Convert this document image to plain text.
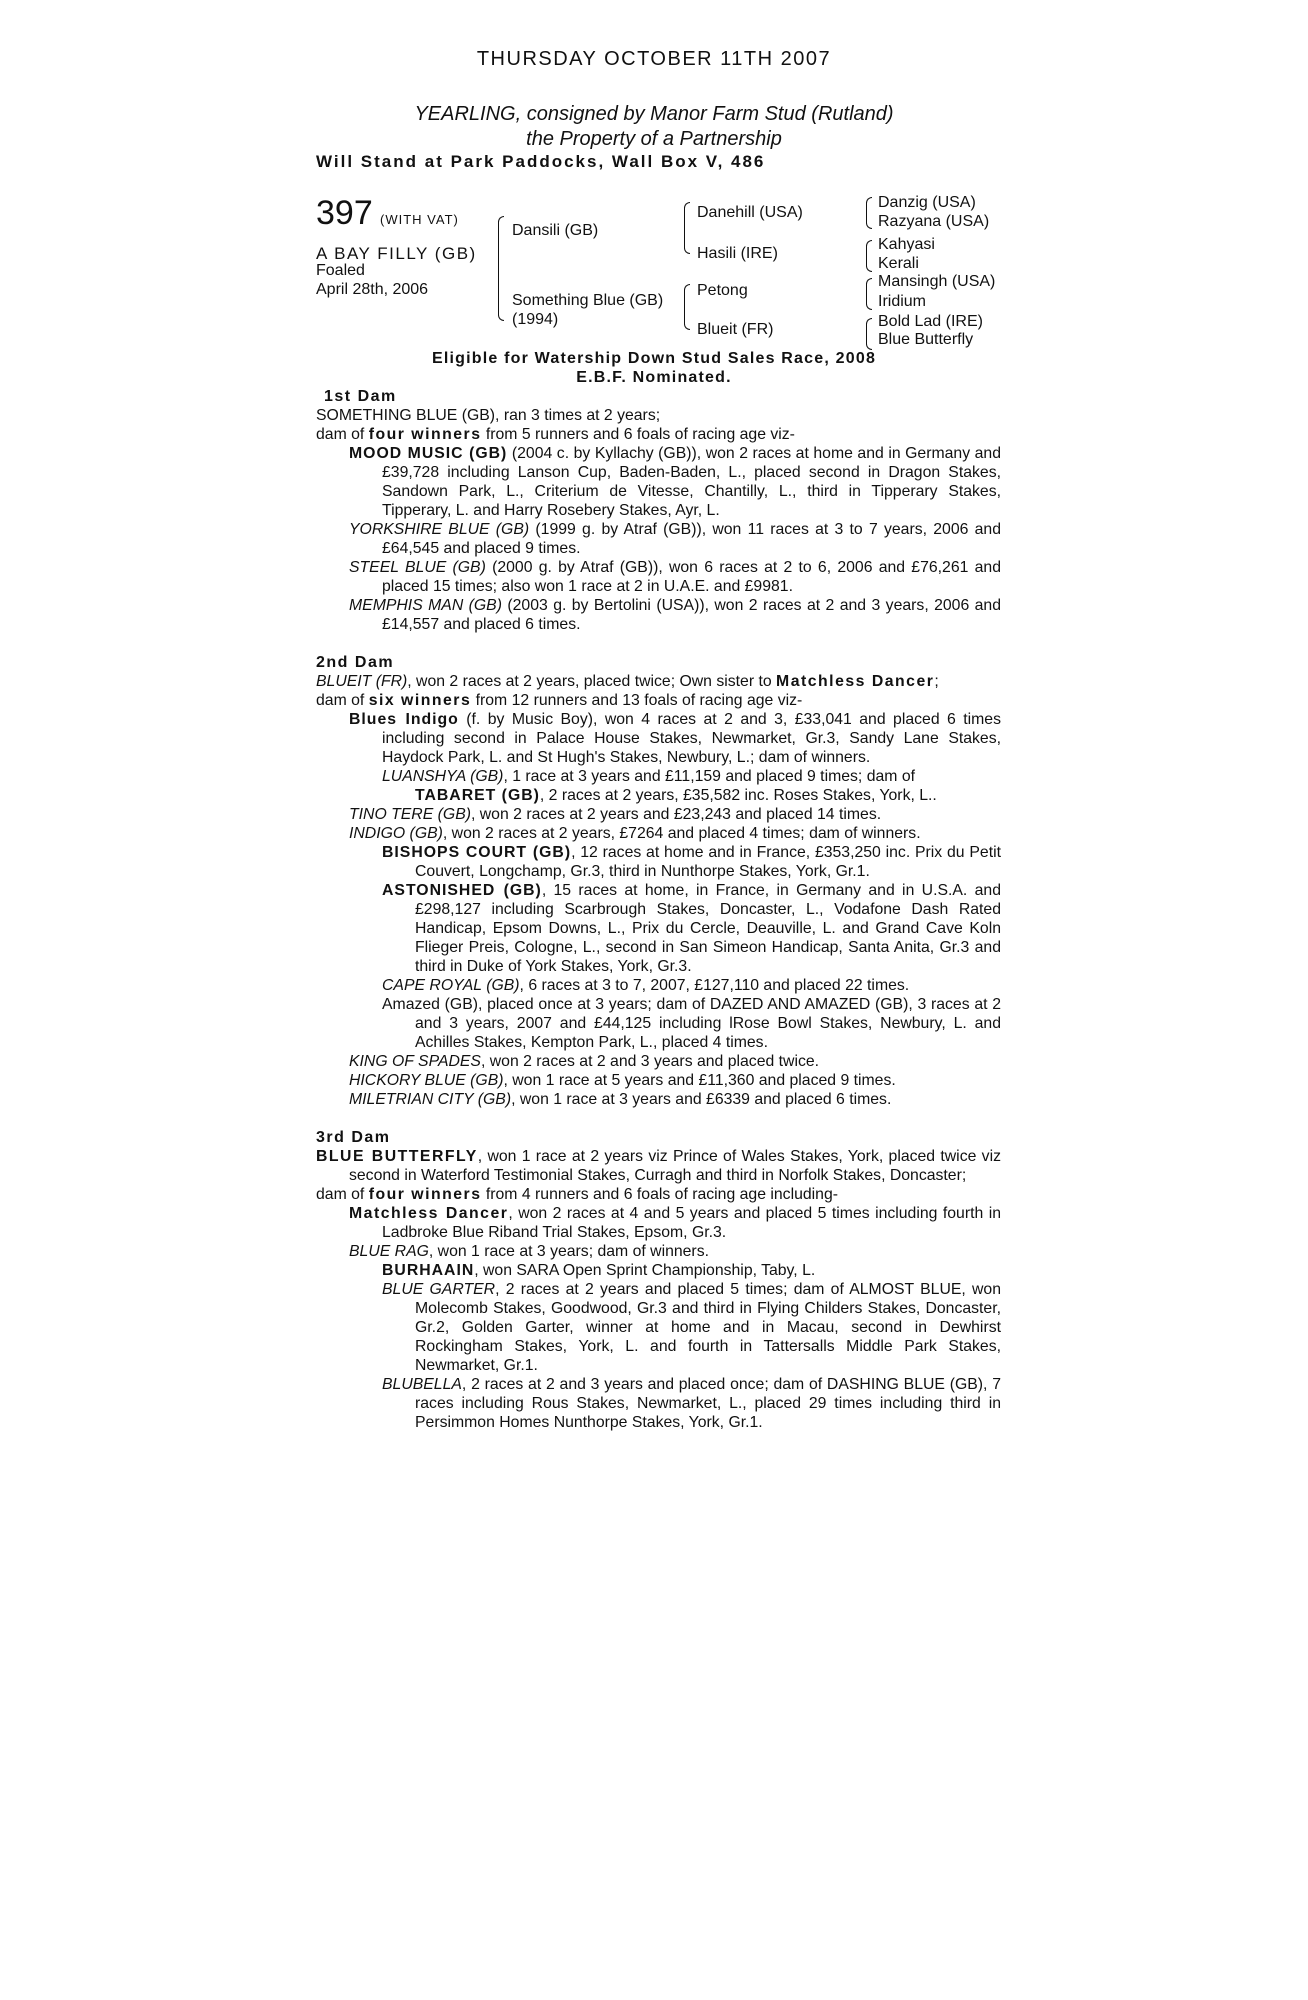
THURSDAY OCTOBER 11TH 2007
YEARLING, consigned by Manor Farm Stud (Rutland)
the Property of a Partnership
Will Stand at Park Paddocks, Wall Box V, 486
397 (WITH VAT)
A BAY FILLY (GB)
Foaled
April 28th, 2006
Dansili (GB)
Something Blue (GB)
(1994)
Danehill (USA)
Hasili (IRE)
Petong
Blueit (FR)
Danzig (USA)
Razyana (USA)
Kahyasi
Kerali
Mansingh (USA)
Iridium
Bold Lad (IRE)
Blue Butterfly
Eligible for Watership Down Stud Sales Race, 2008
E.B.F. Nominated.

1st Dam

SOMETHING BLUE (GB), ran 3 times at 2 years;

dam of four winners from 5 runners and 6 foals of racing age viz-

MOOD MUSIC (GB) (2004 c. by Kyllachy (GB)), won 2 races at home and in Germany and £39,728 including Lanson Cup, Baden-Baden, L., placed second in Dragon Stakes, Sandown Park, L., Criterium de Vitesse, Chantilly, L., third in Tipperary Stakes, Tipperary, L. and Harry Rosebery Stakes, Ayr, L.

YORKSHIRE BLUE (GB) (1999 g. by Atraf (GB)), won 11 races at 3 to 7 years, 2006 and £64,545 and placed 9 times.

STEEL BLUE (GB) (2000 g. by Atraf (GB)), won 6 races at 2 to 6, 2006 and £76,261 and placed 15 times; also won 1 race at 2 in U.A.E. and £9981.

MEMPHIS MAN (GB) (2003 g. by Bertolini (USA)), won 2 races at 2 and 3 years, 2006 and £14,557 and placed 6 times.

2nd Dam

BLUEIT (FR), won 2 races at 2 years, placed twice; Own sister to Matchless Dancer;

dam of six winners from 12 runners and 13 foals of racing age viz-

Blues Indigo (f. by Music Boy), won 4 races at 2 and 3, £33,041 and placed 6 times including second in Palace House Stakes, Newmarket, Gr.3, Sandy Lane Stakes, Haydock Park, L. and St Hugh's Stakes, Newbury, L.; dam of winners.

LUANSHYA (GB), 1 race at 3 years and £11,159 and placed 9 times; dam of

TABARET (GB), 2 races at 2 years, £35,582 inc. Roses Stakes, York, L..

TINO TERE (GB), won 2 races at 2 years and £23,243 and placed 14 times.

INDIGO (GB), won 2 races at 2 years, £7264 and placed 4 times; dam of winners.

BISHOPS COURT (GB), 12 races at home and in France, £353,250 inc. Prix du Petit Couvert, Longchamp, Gr.3, third in Nunthorpe Stakes, York, Gr.1.

ASTONISHED (GB), 15 races at home, in France, in Germany and in U.S.A. and £298,127 including Scarbrough Stakes, Doncaster, L., Vodafone Dash Rated Handicap, Epsom Downs, L., Prix du Cercle, Deauville, L. and Grand Cave Koln Flieger Preis, Cologne, L., second in San Simeon Handicap, Santa Anita, Gr.3 and third in Duke of York Stakes, York, Gr.3.

CAPE ROYAL (GB), 6 races at 3 to 7, 2007, £127,110 and placed 22 times.

Amazed (GB), placed once at 3 years; dam of DAZED AND AMAZED (GB), 3 races at 2 and 3 years, 2007 and £44,125 including lRose Bowl Stakes, Newbury, L. and Achilles Stakes, Kempton Park, L., placed 4 times.

KING OF SPADES, won 2 races at 2 and 3 years and placed twice.

HICKORY BLUE (GB), won 1 race at 5 years and £11,360 and placed 9 times.

MILETRIAN CITY (GB), won 1 race at 3 years and £6339 and placed 6 times.

3rd Dam

BLUE BUTTERFLY, won 1 race at 2 years viz Prince of Wales Stakes, York, placed twice viz second in Waterford Testimonial Stakes, Curragh and third in Norfolk Stakes, Doncaster;

dam of four winners from 4 runners and 6 foals of racing age including-

Matchless Dancer, won 2 races at 4 and 5 years and placed 5 times including fourth in Ladbroke Blue Riband Trial Stakes, Epsom, Gr.3.

BLUE RAG, won 1 race at 3 years; dam of winners.

BURHAAIN, won SARA Open Sprint Championship, Taby, L.

BLUE GARTER, 2 races at 2 years and placed 5 times; dam of ALMOST BLUE, won Molecomb Stakes, Goodwood, Gr.3 and third in Flying Childers Stakes, Doncaster, Gr.2, Golden Garter, winner at home and in Macau, second in Dewhirst Rockingham Stakes, York, L. and fourth in Tattersalls Middle Park Stakes, Newmarket, Gr.1.

BLUBELLA, 2 races at 2 and 3 years and placed once; dam of DASHING BLUE (GB), 7 races including Rous Stakes, Newmarket, L., placed 29 times including third in Persimmon Homes Nunthorpe Stakes, York, Gr.1.
